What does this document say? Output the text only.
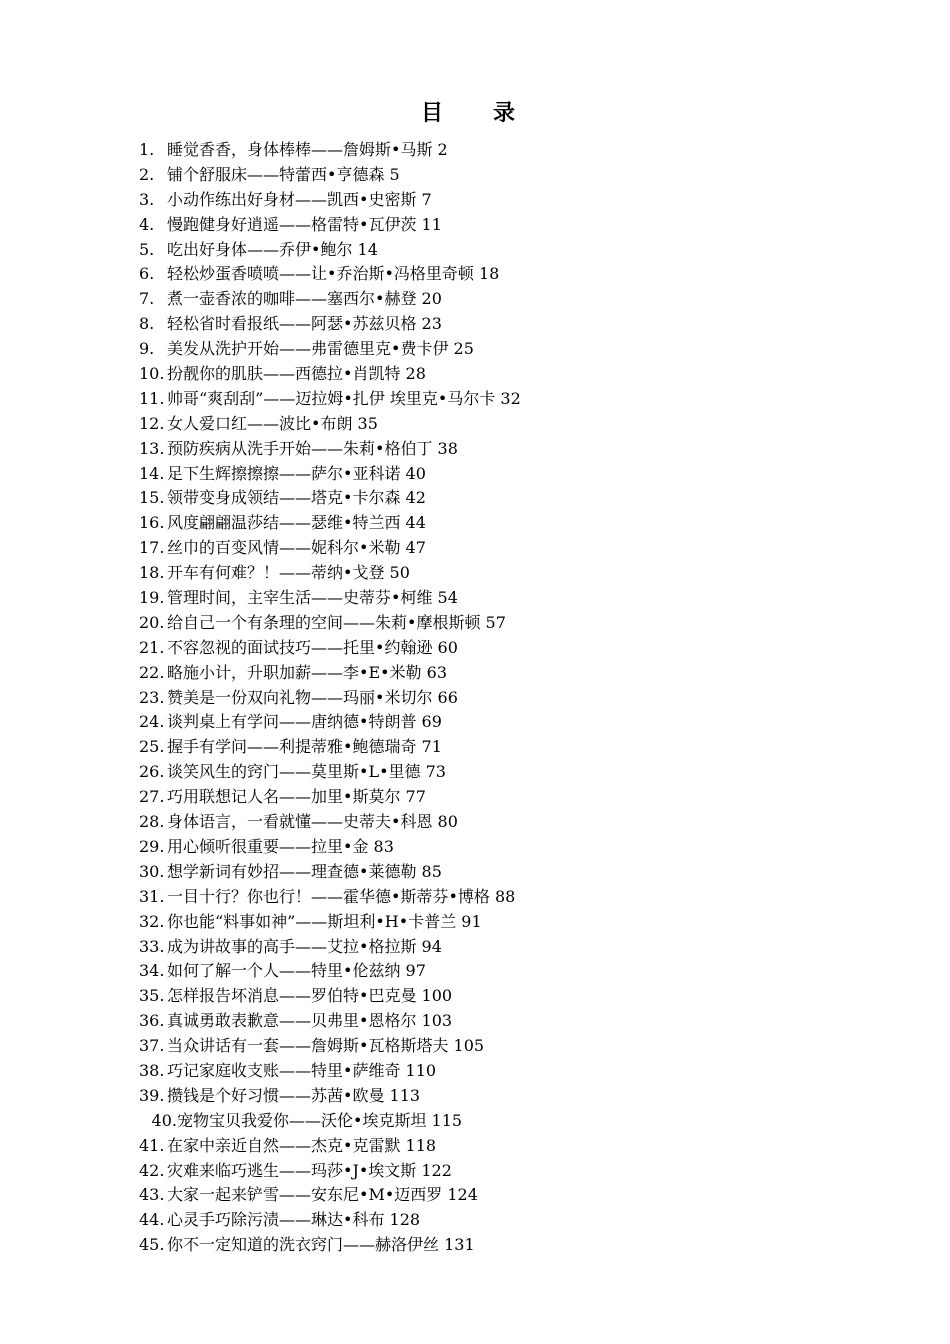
目　录
1. 睡觉香香，身体棒棒——詹姆斯•马斯 2
2. 铺个舒服床——特蕾西•亨德森 5
3. 小动作练出好身材——凯西•史密斯 7
4. 慢跑健身好逍遥——格雷特•瓦伊茨 11
5. 吃出好身体——乔伊•鲍尔 14
6. 轻松炒蛋香喷喷——让•乔治斯•冯格里奇顿 18
7. 煮一壶香浓的咖啡——塞西尔•赫登 20
8. 轻松省时看报纸——阿瑟•苏兹贝格 23
9. 美发从洗护开始——弗雷德里克•费卡伊 25
10. 扮靓你的肌肤——西德拉•肖凯特 28
11. 帅哥“爽刮刮”——迈拉姆•扎伊 埃里克•马尔卡 32
12. 女人爱口红——波比•布朗 35
13. 预防疾病从洗手开始——朱莉•格伯丁 38
14. 足下生辉擦擦擦——萨尔•亚科诺 40
15. 领带变身成领结——塔克•卡尔森 42
16. 风度翩翩温莎结——瑟维•特兰西 44
17. 丝巾的百变风情——妮科尔•米勒 47
18. 开车有何难？！——蒂纳•戈登 50
19. 管理时间，主宰生活——史蒂芬•柯维 54
20. 给自己一个有条理的空间——朱莉•摩根斯顿 57
21. 不容忽视的面试技巧——托里•约翰逊 60
22. 略施小计，升职加薪——李•E•米勒 63
23. 赞美是一份双向礼物——玛丽•米切尔 66
24. 谈判桌上有学问——唐纳德•特朗普 69
25. 握手有学问——利提蒂雅•鲍德瑞奇 71
26. 谈笑风生的窍门——莫里斯•L•里德 73
27. 巧用联想记人名——加里•斯莫尔 77
28. 身体语言，一看就懂——史蒂夫•科恩 80
29. 用心倾听很重要——拉里•金 83
30. 想学新词有妙招——理查德•莱德勒 85
31. 一目十行？你也行！——霍华德•斯蒂芬•博格 88
32. 你也能“料事如神”——斯坦利•H•卡普兰 91
33. 成为讲故事的高手——艾拉•格拉斯 94
34. 如何了解一个人——特里•伦兹纳 97
35. 怎样报告坏消息——罗伯特•巴克曼 100
36. 真诚勇敢表歉意——贝弗里•恩格尔 103
37. 当众讲话有一套——詹姆斯•瓦格斯塔夫 105
38. 巧记家庭收支账——特里•萨维奇 110
39. 攒钱是个好习惯——苏茜•欧曼 113
40.宠物宝贝我爱你——沃伦•埃克斯坦 115
41. 在家中亲近自然——杰克•克雷默 118
42. 灾难来临巧逃生——玛莎•J•埃文斯 122
43. 大家一起来铲雪——安东尼•M•迈西罗 124
44. 心灵手巧除污渍——琳达•科布 128
45. 你不一定知道的洗衣窍门——赫洛伊丝 131
